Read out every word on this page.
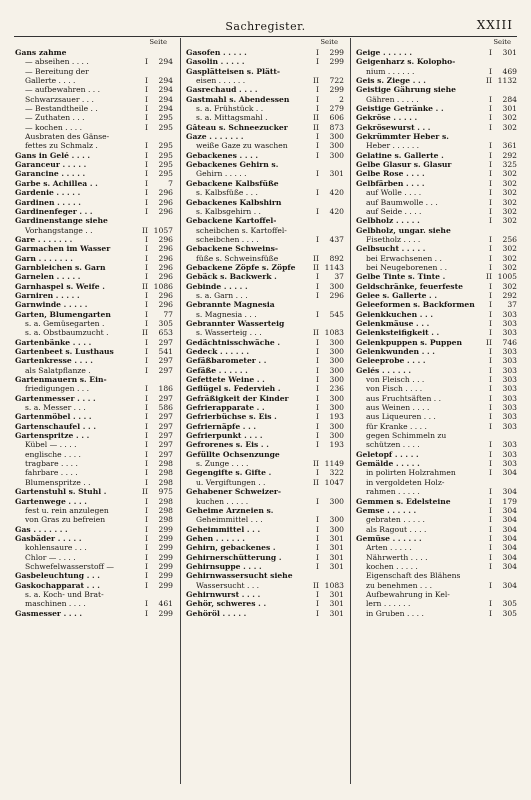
Sachregister.	XXIII
Seite
Gans zahme
— abseihen . . . .	I	294
— Bereitung der
Gallerte . . . .	I	294
— aufbewahren . . .	I	294
Schwarzsauer . . .	I	294
— Bestandtheile . .	I	294
— Zuthaten . . .	I	295
— kochen . . . .	I	295
Ausbraten des Gänse-
fettes zu Schmalz .	I	295
Gans in Gelé . . . .	I	295
Garanceur . . . . .	I	295
Garancine . . . . .	I	295
Garbe s. Achillea . .	I	7
Gardenie . . . . .	I	296
Gardinen . . . . .	I	296
Gardinenfeger . . .	I	296
Gardinenstange siehe
Vorhangstange . .	II 1057
Gare . . . . . . .	I	296
Garmachen im Wasser	I	296
Garn . . . . . . .	I	296
Garnbleichen s. Garn	I	296
Garnelen . . . . .	I	296
Garnhaspel s. Weife .	II 1086
Garniren . . . . .	I	296
Garnwinde . . . . .	I	296
Garten, Blumengarten	I	77
s. a. Gemüsegarten .	I	305
s. a. Obstbaumzucht .	II	653
Gartenbänke . . . .	I	297
Gartenbeet s. Lusthaus	I	541
Gartenkresse . . . .	I	297
als Salatpflanze .	I	297
Gartenmauern s. Ein-
friedigungen . . .	I	186
Gartenmesser . . . .	I	297
s. a. Messer . . .	I	586
Gartenmöbel . . . .	I	297
Gartenschaufel . . .	I	297
Gartenspritze . . .	I	297
Kübel — . . . .	I	297
englische . . . .	I	297
tragbare . . . .	I	298
fahrbare . . . .	I	298
Blumenspritze . .	I	298
Gartenstuhl s. Stuhl .	II	975
Gartenwege . . . .	I	298
fest u. rein anzulegen	I	298
von Gras zu befreien	I	298
Gas . . . . . . .	I	299
Gasbäder . . . . .	I	299
kohlensaure . . .	I	299
Chlor — . . . .	I	299
Schwefelwasserstoff —	I	299
Gasbeleuchtung . . .	I	299
Gaskochapparat . . .	I	299
s. a. Koch- und Brat-
maschinen . . . .	I	461
Gasmesser . . . .	I	299
Seite
Gasofen . . . . .	I	299
Gasolin . . . . .	I	299
Gasplätteisen s. Plätt-
eisen . . . . . .	II	722
Gasrechaud . . . .	I	299
Gastmahl s. Abendessen	I	2
s. a. Frühstück . .	I	279
s. a. Mittagsmahl .	II	606
Gâteau s. Schneezucker	II	873
Gaze . . . . . . .	I	300
weiße Gaze zu waschen	I	300
Gebackenes . . . .	I	300
Gebackenes Gehirn s.
Gehirn . . . . .	I	301
Gebackene Kalbsfüße
s. Kalbsfüße . . .	I	420
Gebackenes Kalbshirn
s. Kalbsgehirn . .	I	420
Gebackene Kartoffel-
scheibchen s. Kartoffel-
scheibchen . . . .	I	437
Gebackene Schweins-
füße s. Schweinsfüße	II	892
Gebackene Zöpfe s. Zöpfe	II 1143
Gebäck s. Backwerk .	I	37
Gebinde . . . . .	I	300
s. a. Garn . . .	I	296
Gebrannte Magnesia
s. Magnesia . . .	I	545
Gebrannter Wasserteig
s. Wasserteig . . .	II 1083
Gedächtnisschwäche .	I	300
Gedeck . . . . . .	I	300
Gefäßbarometer . .	I	300
Gefäße . . . . . .	I	300
Gefettete Weine . .	I	300
Geflügel s. Federvieh .	I	236
Gefräßigkeit der Kinder	I	300
Gefrierapparate . .	I	300
Gefrierbüchse s. Eis .	I	193
Gefriernäpfe . . .	I	300
Gefrierpunkt . . . .	I	300
Gefrorenes s. Eis . .	I	193
Gefüllte Ochsenzunge
s. Zunge . . . .	II 1149
Gegengifte s. Gifte .	I	322
u. Vergiftungen . .	II 1047
Gehabener Schweizer-
kuchen . . . . .	I	300
Geheime Arzneien s.
Geheimmittel . . .	I	300
Geheimmittel . . .	I	300
Gehen . . . . . .	I	301
Gehirn, gebackenes .	I	301
Gehirnerschütterung .	I	301
Gehirnsuppe . . . .	I	301
Gehirnwassersucht siehe
Wassersucht . . .	II 1083
Gehirnwurst . . . .	I	301
Gehör, schweres . .	I	301
Gehöröl . . . . .	I	301
Seite
Geige . . . . . .	I	301
Geigenharz s. Kolopho-
nium . . . . . .	I	469
Geis s. Ziege . . .	II 1132
Geistige Gährung siehe
Gähren . . . . .	I	284
Geistige Getränke . .	I	301
Gekröse . . . . .	I	302
Gekrösewurst . . .	I	302
Gekrümmter Heber s.
Heber . . . . . .	I	361
Gelatine s. Gallerte .	I	292
Gelbe Glasur s. Glasur	I	325
Gelbe Rose . . . .	I	302
Gelbfärben . . . .	I	302
auf Wolle . . . .	I	302
auf Baumwolle . . .	I	302
auf Seide . . . .	I	302
Gelbholz . . . . .	I	302
Gelbholz, ungar. siehe
Fisetholz . . . .	I	256
Gelbsucht . . . . .	I	302
bei Erwachsenen . .	I	302
bei Neugeborenen . .	I	302
Gelbe Tinte s. Tinte .	II 1005
Geldschränke, feuerfeste	I	302
Gelee s. Gallerte . .	I	292
Geleeformen s. Backformen	I	37
Gelenkkuchen . . .	I	303
Gelenkmäuse . . .	I	303
Gelenksteifigkeit . .	I	303
Gelenkpuppen s. Puppen	II	746
Gelenkwunden . . .	I	303
Geleeprobe . . . .	I	303
Gelés . . . . . .	I	303
von Fleisch . . .	I	303
von Fisch . . . .	I	303
aus Fruchtsäften . .	I	303
aus Weinen . . . .	I	303
aus Liqueuren . . .	I	303
für Kranke . . . .	I	303
gegen Schimmeln zu
schützen . . . .	I	303
Geletopf . . . . .	I	303
Gemälde . . . . .	I	303
in polirten Holzrahmen	I	304
in vergoldeten Holz-
rahmen . . . . .	I	304
Gemmen s. Edelsteine	I	179
Gemse . . . . . .	I	304
gebraten . . . . .	I	304
als Ragout . . . .	I	304
Gemüse . . . . . .	I	304
Arten . . . . .	I	304
Nährwerth . . . .	I	304
kochen . . . . .	I	304
Eigenschaft des Blähens
zu benehmen . . .	I	304
Aufbewahrung in Kel-
lern . . . . . .	I	305
in Gruben . . . .	I	305
